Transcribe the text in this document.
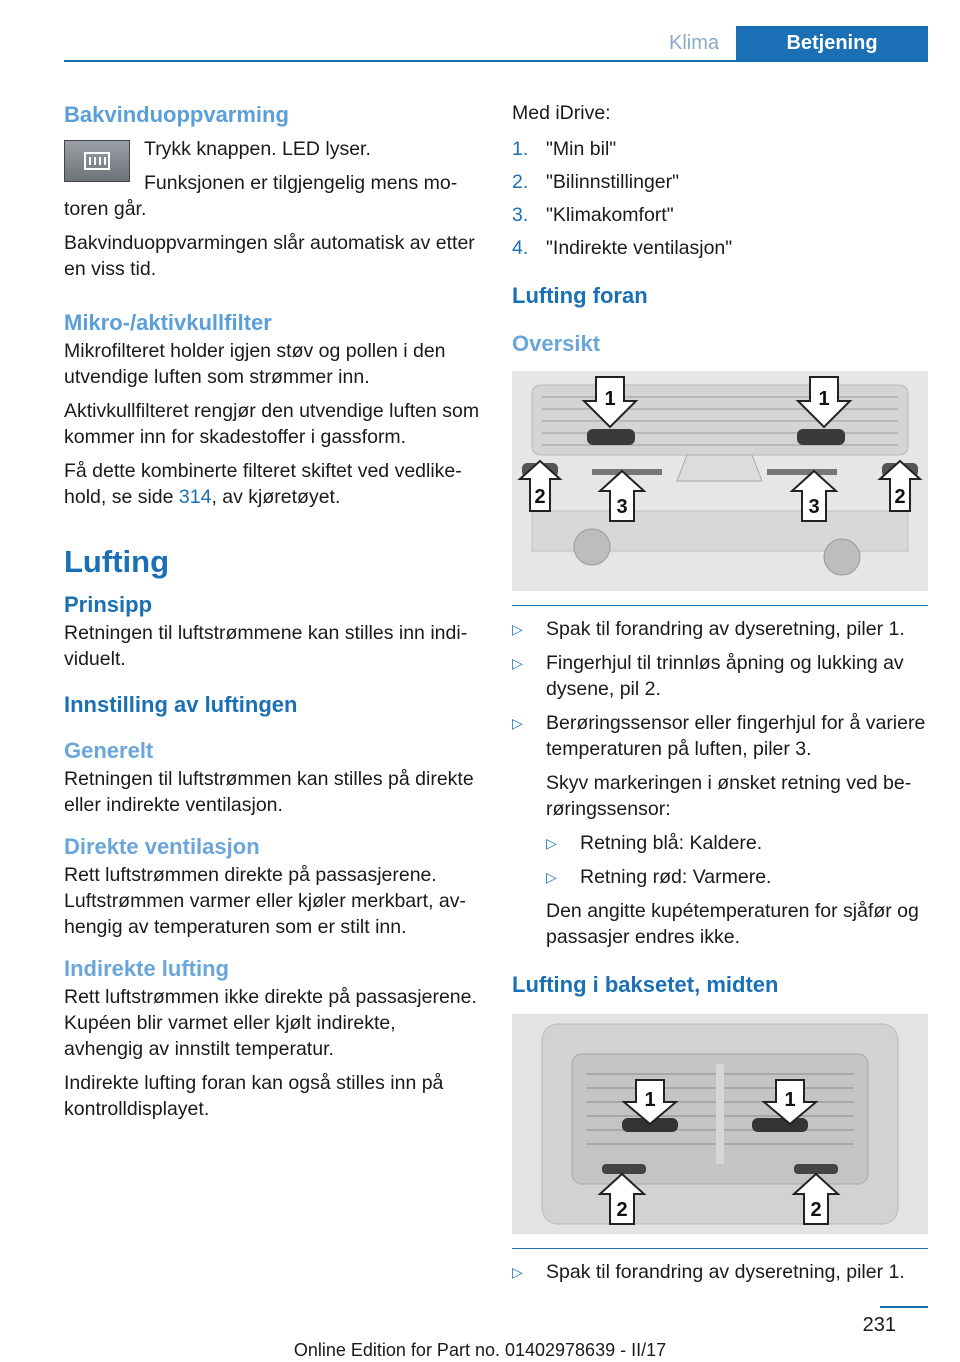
Klima	Betjening
Bakvinduoppvarming

Trykk knappen. LED lyser.

Funksjonen er tilgjengelig mens motoren går.

Bakvinduoppvarmingen slår automatisk av etter en viss tid.

Mikro-/aktivkullfilter

Mikrofilteret holder igjen støv og pollen i den utvendige luften som strømmer inn.

Aktivkullfilteret rengjør den utvendige luften som kommer inn for skadestoffer i gassform.

Få dette kombinerte filteret skiftet ved vedlikehold, se side 314, av kjøretøyet.

Lufting
Prinsipp

Retningen til luftstrømmene kan stilles inn individuelt.

Innstilling av luftingen
Generelt

Retningen til luftstrømmen kan stilles på direkte eller indirekte ventilasjon.

Direkte ventilasjon

Rett luftstrømmen direkte på passasjerene. Luftstrømmen varmer eller kjøler merkbart, avhengig av temperaturen som er stilt inn.

Indirekte lufting

Rett luftstrømmen ikke direkte på passasjerene. Kupéen blir varmet eller kjølt indirekte, avhengig av innstilt temperatur.

Indirekte lufting foran kan også stilles inn på kontrolldisplayet.

Med iDrive:

1. "Min bil"
2. "Bilinnstillinger"
3. "Klimakomfort"
4. "Indirekte ventilasjon"
Lufting foran
Oversikt
1	1
2	2
3	3
▷ Spak til forandring av dyseretning, piler 1.
▷ Fingerhjul til trinnløs åpning og lukking av dysene, pil 2.
▷ Berøringssensor eller fingerhjul for å variere temperaturen på luften, piler 3.

Skyv markeringen i ønsket retning ved berøringssensor:

▷ Retning blå: Kaldere.
▷ Retning rød: Varmere.

Den angitte kupétemperaturen for sjåfør og passasjer endres ikke.

Lufting i baksetet, midten
1	1
2	2
▷ Spak til forandring av dyseretning, piler 1.
231
Online Edition for Part no. 01402978639 - II/17
